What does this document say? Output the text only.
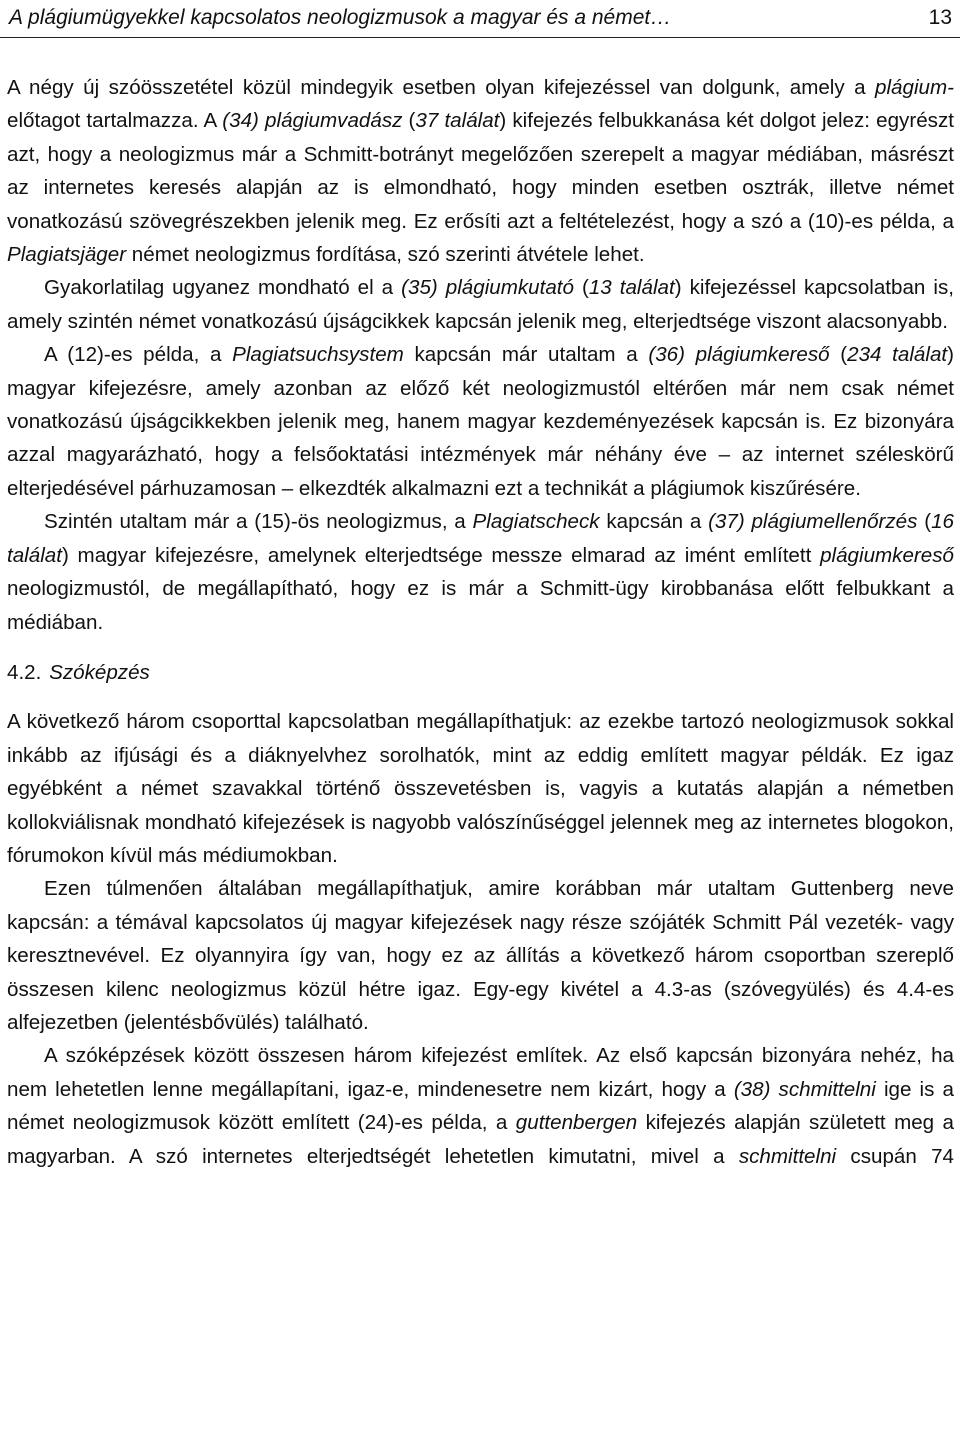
A plágiumügyekkel kapcsolatos neologizmusok a magyar és a német…	13

A négy új szóösszetétel közül mindegyik esetben olyan kifejezéssel van dolgunk, amely a plágium- előtagot tartalmazza. A (34) plágiumvadász (37 találat) kifejezés felbukkanása két dolgot jelez: egyrészt azt, hogy a neologizmus már a Schmitt-botrányt megelőzően szerepelt a magyar médiában, másrészt az internetes keresés alapján az is elmondható, hogy minden esetben osztrák, illetve német vonatkozású szövegrészekben jelenik meg. Ez erősíti azt a feltételezést, hogy a szó a (10)-es példa, a Plagiatsjäger német neologizmus fordítása, szó szerinti átvétele lehet.

Gyakorlatilag ugyanez mondható el a (35) plágiumkutató (13 találat) kifejezéssel kapcsolatban is, amely szintén német vonatkozású újságcikkek kapcsán jelenik meg, elterjedtsége viszont alacsonyabb.

A (12)-es példa, a Plagiatsuchsystem kapcsán már utaltam a (36) plágiumkereső (234 találat) magyar kifejezésre, amely azonban az előző két neologizmustól eltérően már nem csak német vonatkozású újságcikkekben jelenik meg, hanem magyar kezdeményezések kapcsán is. Ez bizonyára azzal magyarázható, hogy a felsőoktatási intézmények már néhány éve – az internet széleskörű elterjedésével párhuzamosan – elkezdték alkalmazni ezt a technikát a plágiumok kiszűrésére.

Szintén utaltam már a (15)-ös neologizmus, a Plagiatscheck kapcsán a (37) plágiumellenőrzés (16 találat) magyar kifejezésre, amelynek elterjedtsége messze elmarad az imént említett plágiumkereső neologizmustól, de megállapítható, hogy ez is már a Schmitt-ügy kirobbanása előtt felbukkant a médiában.

4.2. Szóképzés

A következő három csoporttal kapcsolatban megállapíthatjuk: az ezekbe tartozó neologizmusok sokkal inkább az ifjúsági és a diáknyelvhez sorolhatók, mint az eddig említett magyar példák. Ez igaz egyébként a német szavakkal történő összevetésben is, vagyis a kutatás alapján a németben kollokviálisnak mondható kifejezések is nagyobb valószínűséggel jelennek meg az internetes blogokon, fórumokon kívül más médiumokban.

Ezen túlmenően általában megállapíthatjuk, amire korábban már utaltam Guttenberg neve kapcsán: a témával kapcsolatos új magyar kifejezések nagy része szójáték Schmitt Pál vezeték- vagy keresztnevével. Ez olyannyira így van, hogy ez az állítás a következő három csoportban szereplő összesen kilenc neologizmus közül hétre igaz. Egy-egy kivétel a 4.3-as (szóvegyülés) és 4.4-es alfejezetben (jelentésbővülés) található.

A szóképzések között összesen három kifejezést említek. Az első kapcsán bizonyára nehéz, ha nem lehetetlen lenne megállapítani, igaz-e, mindenesetre nem kizárt, hogy a (38) schmittelni ige is a német neologizmusok között említett (24)-es példa, a guttenbergen kifejezés alapján született meg a magyarban. A szó internetes elterjedtségét lehetetlen kimutatni, mivel a schmittelni csupán 74
